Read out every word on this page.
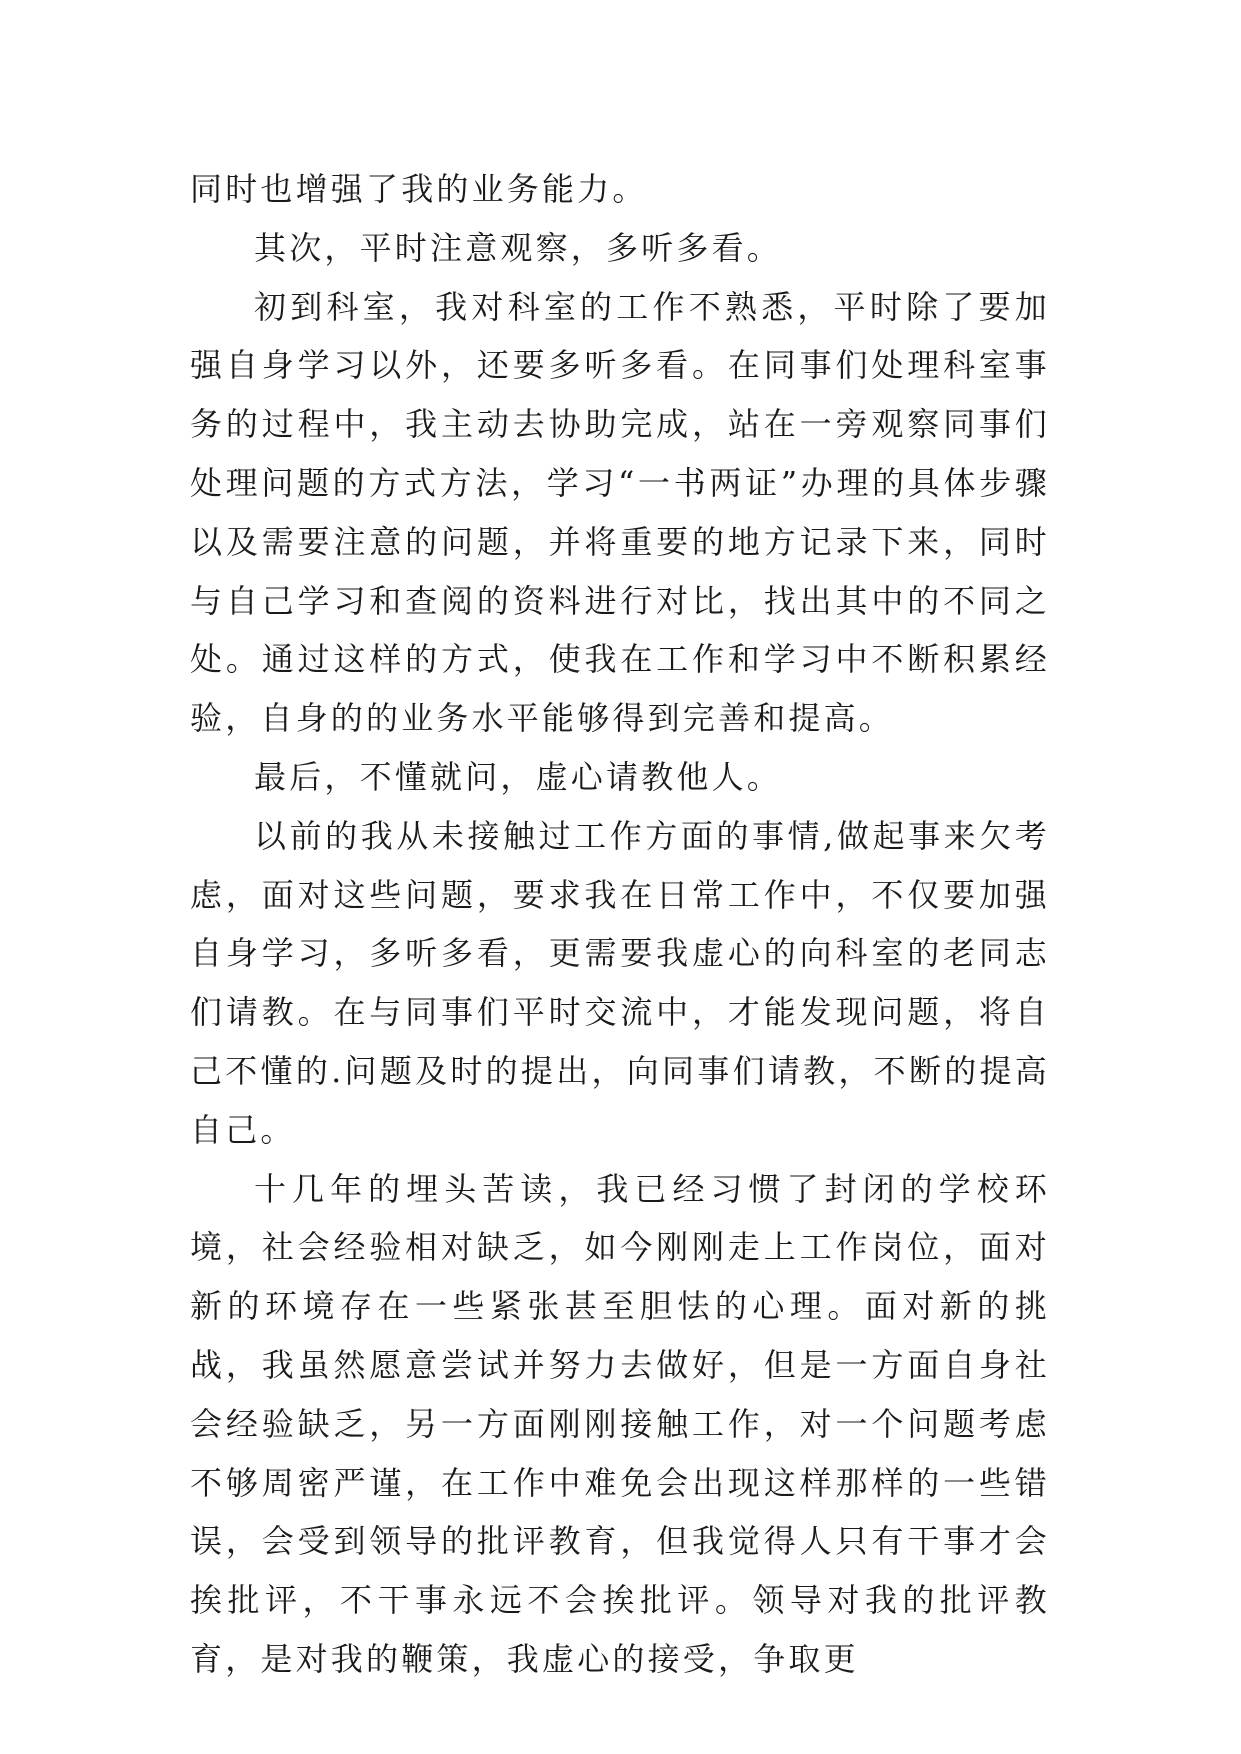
同时也增强了我的业务能力。

其次，平时注意观察，多听多看。

初到科室，我对科室的工作不熟悉，平时除了要加强自身学习以外，还要多听多看。在同事们处理科室事务的过程中，我主动去协助完成，站在一旁观察同事们处理问题的方式方法，学习“一书两证”办理的具体步骤以及需要注意的问题，并将重要的地方记录下来，同时与自己学习和查阅的资料进行对比，找出其中的不同之处。通过这样的方式，使我在工作和学习中不断积累经验，自身的的业务水平能够得到完善和提高。

最后，不懂就问，虚心请教他人。

以前的我从未接触过工作方面的事情,做起事来欠考虑，面对这些问题，要求我在日常工作中，不仅要加强自身学习，多听多看，更需要我虚心的向科室的老同志们请教。在与同事们平时交流中，才能发现问题，将自己不懂的.问题及时的提出，向同事们请教，不断的提高自己。

十几年的埋头苦读，我已经习惯了封闭的学校环境，社会经验相对缺乏，如今刚刚走上工作岗位，面对新的环境存在一些紧张甚至胆怯的心理。面对新的挑战，我虽然愿意尝试并努力去做好，但是一方面自身社会经验缺乏，另一方面刚刚接触工作，对一个问题考虑不够周密严谨，在工作中难免会出现这样那样的一些错误，会受到领导的批评教育，但我觉得人只有干事才会挨批评，不干事永远不会挨批评。领导对我的批评教育，是对我的鞭策，我虚心的接受，争取更
